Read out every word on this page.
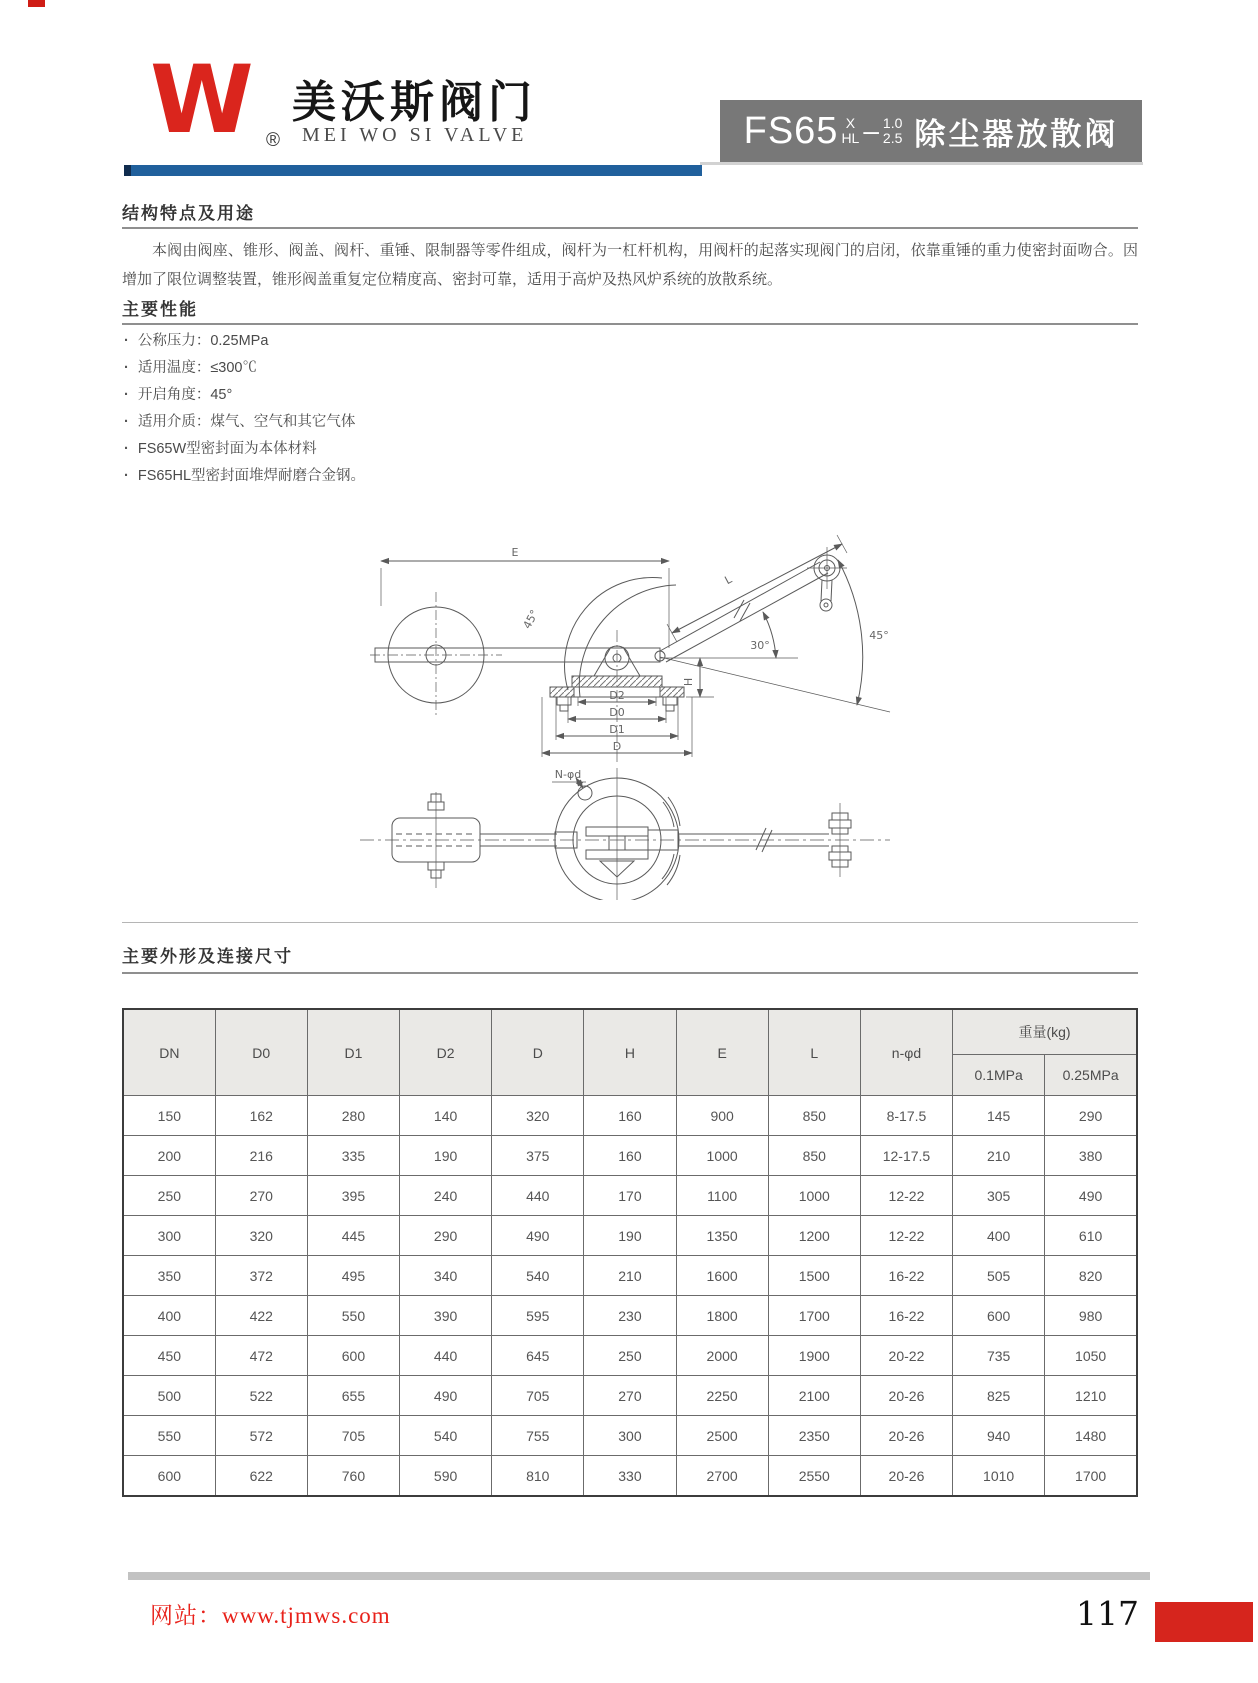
W ®
美沃斯阀门
MEI WO SI VALVE	FS65 X
HL – 1.0
2.5 除尘器放散阀
结构特点及用途
本阀由阀座、锥形、阀盖、阀杆、重锤、限制器等零件组成，阀杆为一杠杆机构，用阀杆的起落实现阀门的启闭，依靠重锤的重力使密封面吻合。因增加了限位调整装置，锥形阀盖重复定位精度高、密封可靠，适用于高炉及热风炉系统的放散系统。
主要性能
· 公称压力：0.25MPa
· 适用温度：≤300℃
· 开启角度：45°
· 适用介质：煤气、空气和其它气体
· FS65W型密封面为本体材料
· FS65HL型密封面堆焊耐磨合金钢。
E
L
45°
45°
30°
H
D2
D0
D1
D
N-φd
主要外形及连接尺寸
DN	D0	D1	D2	D	H	E	L	n-φd	重量(kg)	
									0.1MPa	0.25MPa
150	162	280	140	320	160	900	850	8-17.5	145	290
200	216	335	190	375	160	1000	850	12-17.5	210	380
250	270	395	240	440	170	1100	1000	12-22	305	490
300	320	445	290	490	190	1350	1200	12-22	400	610
350	372	495	340	540	210	1600	1500	16-22	505	820
400	422	550	390	595	230	1800	1700	16-22	600	980
450	472	600	440	645	250	2000	1900	20-22	735	1050
500	522	655	490	705	270	2250	2100	20-26	825	1210
550	572	705	540	755	300	2500	2350	20-26	940	1480
600	622	760	590	810	330	2700	2550	20-26	1010	1700
网站：www.tjmws.com	117
